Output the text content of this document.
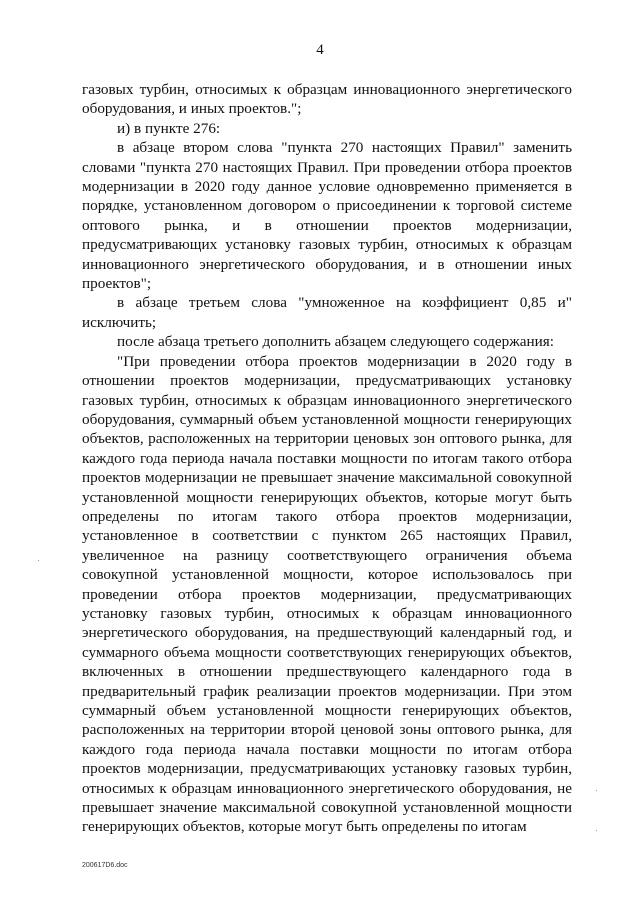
4

газовых турбин, относимых к образцам инновационного энергетического оборудования, и иных проектов.";

и) в пункте 276:

в абзаце втором слова "пункта 270 настоящих Правил" заменить словами "пункта 270 настоящих Правил. При проведении отбора проектов модернизации в 2020 году данное условие одновременно применяется в порядке, установленном договором о присоединении к торговой системе оптового рынка, и в отношении проектов модернизации, предусматривающих установку газовых турбин, относимых к образцам инновационного энергетического оборудования, и в отношении иных проектов";

в абзаце третьем слова "умноженное на коэффициент 0,85 и" исключить;

после абзаца третьего дополнить абзацем следующего содержания:

"При проведении отбора проектов модернизации в 2020 году в отношении проектов модернизации, предусматривающих установку газовых турбин, относимых к образцам инновационного энергетического оборудования, суммарный объем установленной мощности генерирующих объектов, расположенных на территории ценовых зон оптового рынка, для каждого года периода начала поставки мощности по итогам такого отбора проектов модернизации не превышает значение максимальной совокупной установленной мощности генерирующих объектов, которые могут быть определены по итогам такого отбора проектов модернизации, установленное в соответствии с пунктом 265 настоящих Правил, увеличенное на разницу соответствующего ограничения объема совокупной установленной мощности, которое использовалось при проведении отбора проектов модернизации, предусматривающих установку газовых турбин, относимых к образцам инновационного энергетического оборудования, на предшествующий календарный год, и суммарного объема мощности соответствующих генерирующих объектов, включенных в отношении предшествующего календарного года в предварительный график реализации проектов модернизации. При этом суммарный объем установленной мощности генерирующих объектов, расположенных на территории второй ценовой зоны оптового рынка, для каждого года периода начала поставки мощности по итогам отбора проектов модернизации, предусматривающих установку газовых турбин, относимых к образцам инновационного энергетического оборудования, не превышает значение максимальной совокупной установленной мощности генерирующих объектов, которые могут быть определены по итогам

200617D6.doc
